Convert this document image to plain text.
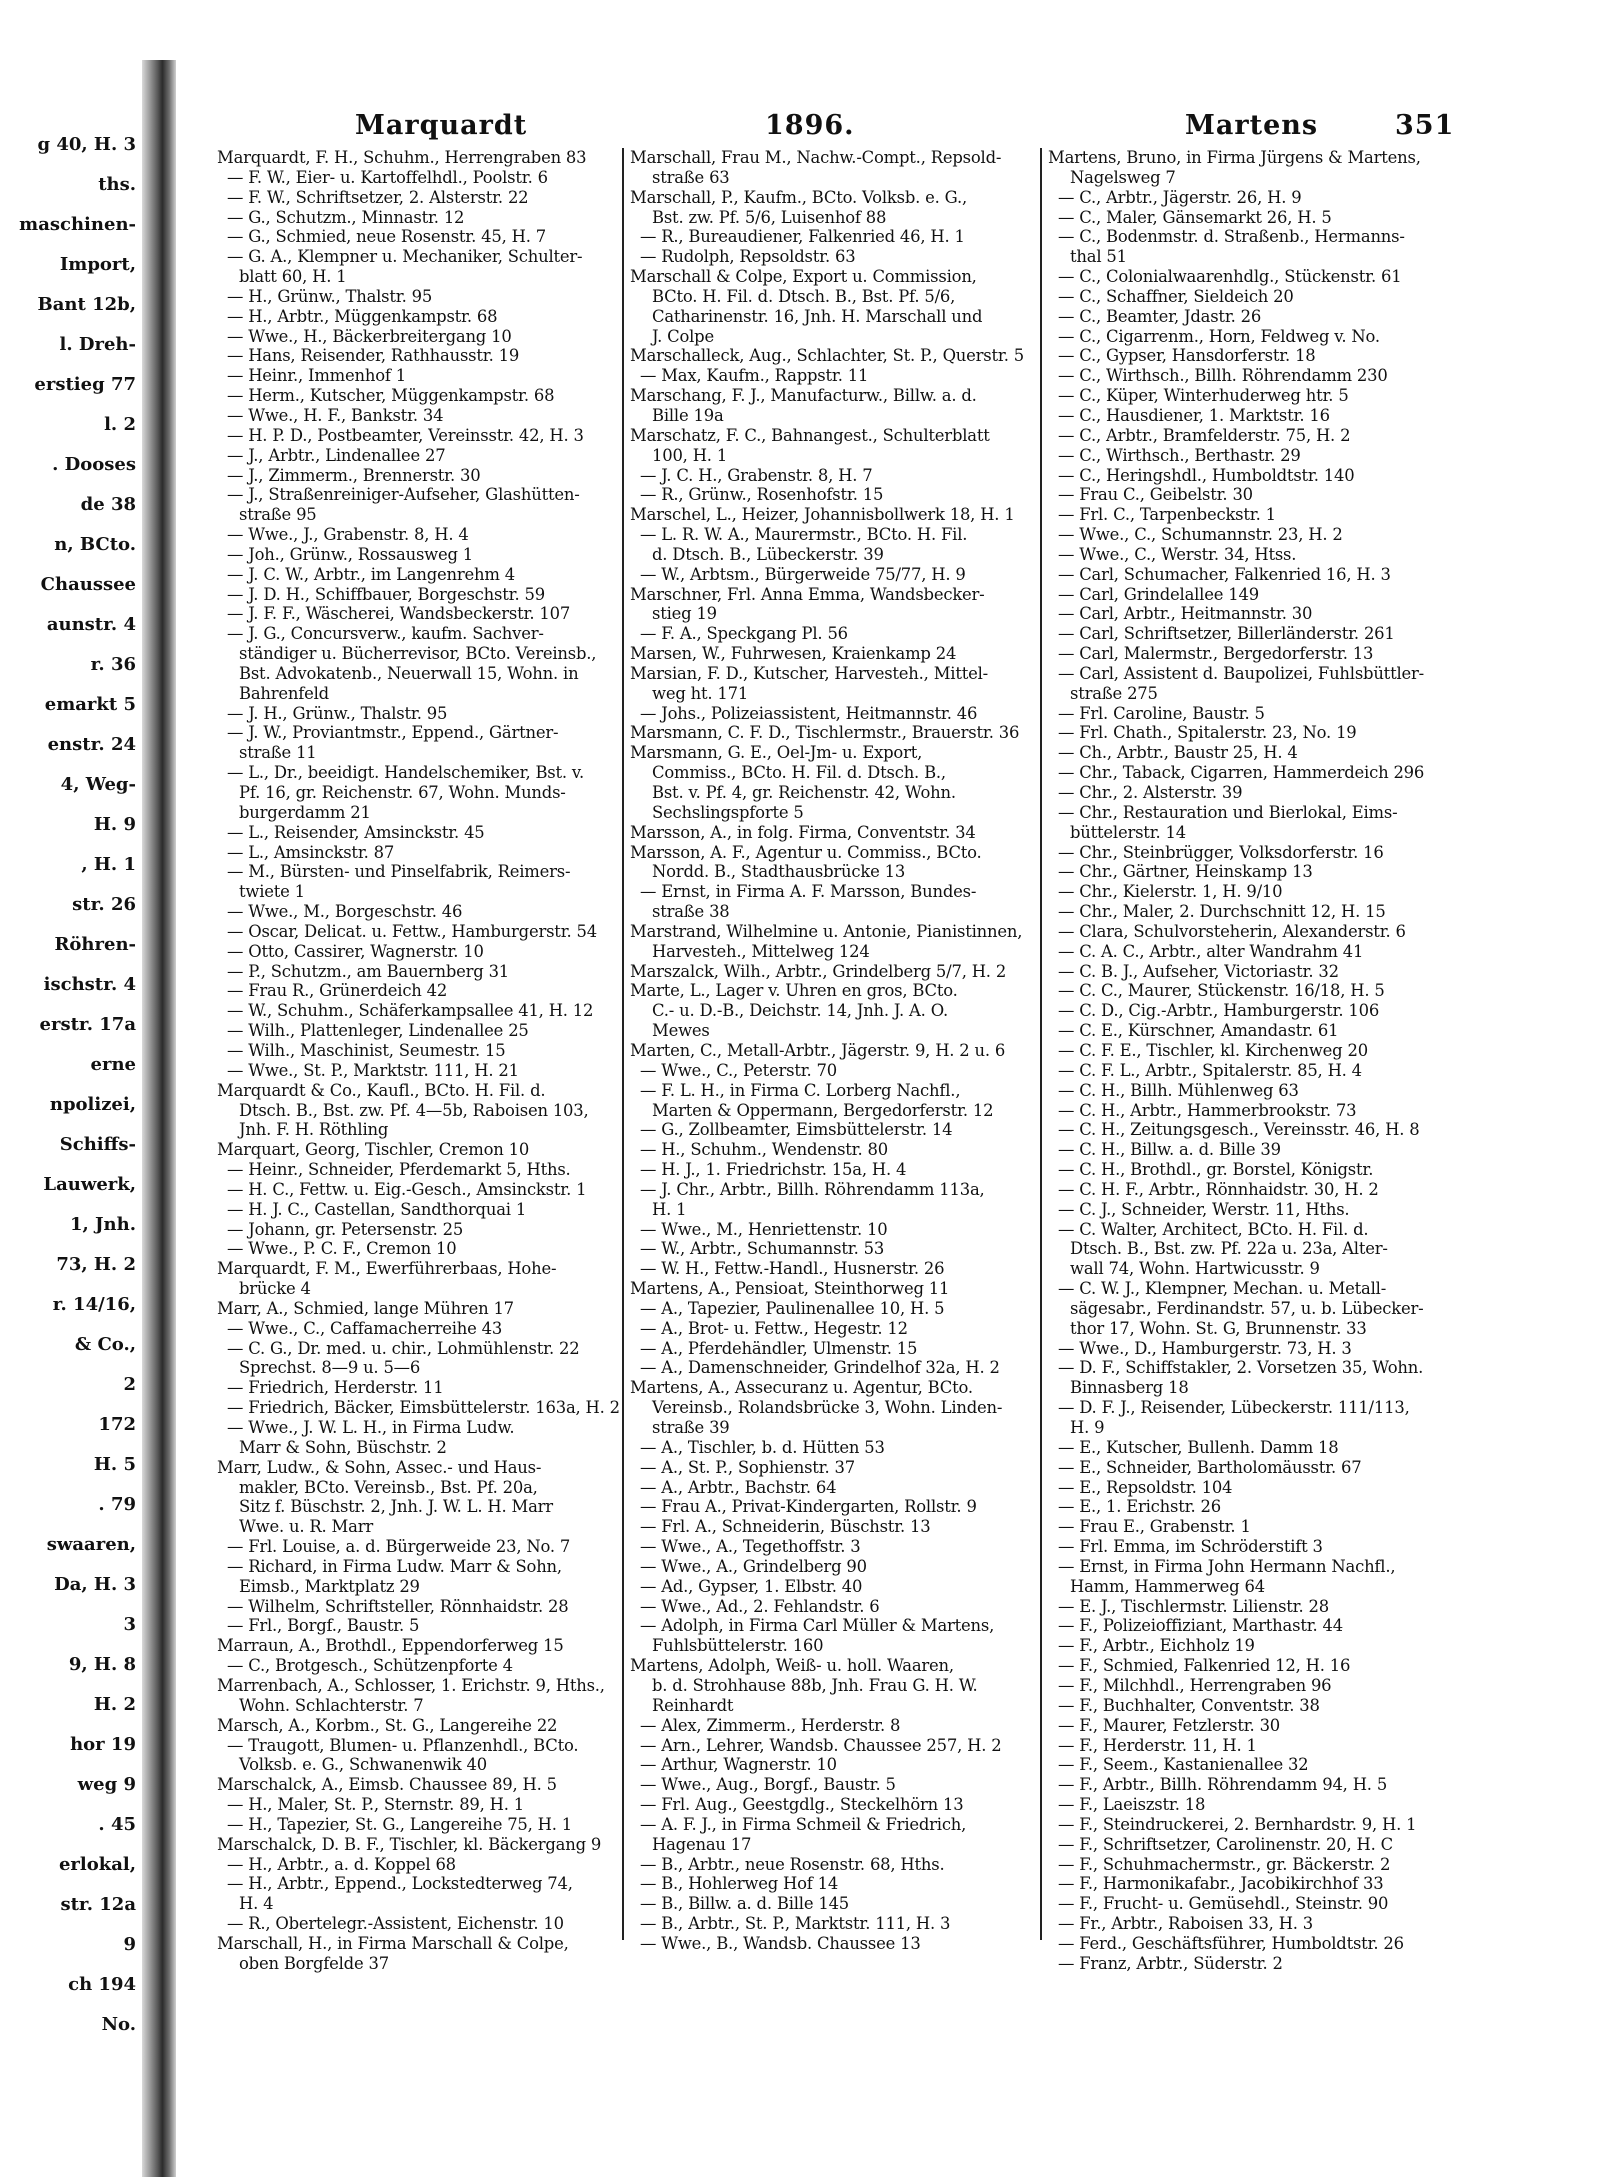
g 40, H. 3
ths.
maschinen-
Import,
Bant 12b,
l. Dreh-
erstieg 77
l. 2
. Dooses
de 38
n, BCto.
Chaussee
aunstr. 4
r. 36
emarkt 5
enstr. 24
4, Weg-
H. 9
, H. 1
str. 26
Röhren-
ischstr. 4
erstr. 17a
erne
npolizei,
Schiffs-
Lauwerk,
1, Jnh.
73, H. 2
r. 14/16,
& Co.,
2
172
H. 5
. 79
swaaren,
Da, H. 3
3
9, H. 8
H. 2
hor 19
weg 9
. 45
erlokal,
str. 12a
9
ch 194
No.
Marquardt	1896.	Martens	351
Marquardt, F. H., Schuhm., Herrengraben 83
— F. W., Eier- u. Kartoffelhdl., Poolstr. 6
— F. W., Schriftsetzer, 2. Alsterstr. 22
— G., Schutzm., Minnastr. 12
— G., Schmied, neue Rosenstr. 45, H. 7
— G. A., Klempner u. Mechaniker, Schulter-
blatt 60, H. 1
— H., Grünw., Thalstr. 95
— H., Arbtr., Müggenkampstr. 68
— Wwe., H., Bäckerbreitergang 10
— Hans, Reisender, Rathhausstr. 19
— Heinr., Immenhof 1
— Herm., Kutscher, Müggenkampstr. 68
— Wwe., H. F., Bankstr. 34
— H. P. D., Postbeamter, Vereinsstr. 42, H. 3
— J., Arbtr., Lindenallee 27
— J., Zimmerm., Brennerstr. 30
— J., Straßenreiniger-Aufseher, Glashütten-
straße 95
— Wwe., J., Grabenstr. 8, H. 4
— Joh., Grünw., Rossausweg 1
— J. C. W., Arbtr., im Langenrehm 4
— J. D. H., Schiffbauer, Borgeschstr. 59
— J. F. F., Wäscherei, Wandsbeckerstr. 107
— J. G., Concursverw., kaufm. Sachver-
ständiger u. Bücherrevisor, BCto. Vereinsb.,
Bst. Advokatenb., Neuerwall 15, Wohn. in
Bahrenfeld
— J. H., Grünw., Thalstr. 95
— J. W., Proviantmstr., Eppend., Gärtner-
straße 11
— L., Dr., beeidigt. Handelschemiker, Bst. v.
Pf. 16, gr. Reichenstr. 67, Wohn. Munds-
burgerdamm 21
— L., Reisender, Amsinckstr. 45
— L., Amsinckstr. 87
— M., Bürsten- und Pinselfabrik, Reimers-
twiete 1
— Wwe., M., Borgeschstr. 46
— Oscar, Delicat. u. Fettw., Hamburgerstr. 54
— Otto, Cassirer, Wagnerstr. 10
— P., Schutzm., am Bauernberg 31
— Frau R., Grünerdeich 42
— W., Schuhm., Schäferkampsallee 41, H. 12
— Wilh., Plattenleger, Lindenallee 25
— Wilh., Maschinist, Seumestr. 15
— Wwe., St. P., Marktstr. 111, H. 21
Marquardt & Co., Kaufl., BCto. H. Fil. d.
Dtsch. B., Bst. zw. Pf. 4—5b, Raboisen 103,
Jnh. F. H. Röthling
Marquart, Georg, Tischler, Cremon 10
— Heinr., Schneider, Pferdemarkt 5, Hths.
— H. C., Fettw. u. Eig.-Gesch., Amsinckstr. 1
— H. J. C., Castellan, Sandthorquai 1
— Johann, gr. Petersenstr. 25
— Wwe., P. C. F., Cremon 10
Marquardt, F. M., Ewerführerbaas, Hohe-
brücke 4
Marr, A., Schmied, lange Mühren 17
— Wwe., C., Caffamacherreihe 43
— C. G., Dr. med. u. chir., Lohmühlenstr. 22
Sprechst. 8—9 u. 5—6
— Friedrich, Herderstr. 11
— Friedrich, Bäcker, Eimsbüttelerstr. 163a, H. 2
— Wwe., J. W. L. H., in Firma Ludw.
Marr & Sohn, Büschstr. 2
Marr, Ludw., & Sohn, Assec.- und Haus-
makler, BCto. Vereinsb., Bst. Pf. 20a,
Sitz f. Büschstr. 2, Jnh. J. W. L. H. Marr
Wwe. u. R. Marr
— Frl. Louise, a. d. Bürgerweide 23, No. 7
— Richard, in Firma Ludw. Marr & Sohn,
Eimsb., Marktplatz 29
— Wilhelm, Schriftsteller, Rönnhaidstr. 28
— Frl., Borgf., Baustr. 5
Marraun, A., Brothdl., Eppendorferweg 15
— C., Brotgesch., Schützenpforte 4
Marrenbach, A., Schlosser, 1. Erichstr. 9, Hths.,
Wohn. Schlachterstr. 7
Marsch, A., Korbm., St. G., Langereihe 22
— Traugott, Blumen- u. Pflanzenhdl., BCto.
Volksb. e. G., Schwanenwik 40
Marschalck, A., Eimsb. Chaussee 89, H. 5
— H., Maler, St. P., Sternstr. 89, H. 1
— H., Tapezier, St. G., Langereihe 75, H. 1
Marschalck, D. B. F., Tischler, kl. Bäckergang 9
— H., Arbtr., a. d. Koppel 68
— H., Arbtr., Eppend., Lockstedterweg 74,
H. 4
— R., Obertelegr.-Assistent, Eichenstr. 10
Marschall, H., in Firma Marschall & Colpe,
oben Borgfelde 37
Marschall, Frau M., Nachw.-Compt., Repsold-
straße 63
Marschall, P., Kaufm., BCto. Volksb. e. G.,
Bst. zw. Pf. 5/6, Luisenhof 88
— R., Bureaudiener, Falkenried 46, H. 1
— Rudolph, Repsoldstr. 63
Marschall & Colpe, Export u. Commission,
BCto. H. Fil. d. Dtsch. B., Bst. Pf. 5/6,
Catharinenstr. 16, Jnh. H. Marschall und
J. Colpe
Marschalleck, Aug., Schlachter, St. P., Querstr. 5
— Max, Kaufm., Rappstr. 11
Marschang, F. J., Manufacturw., Billw. a. d.
Bille 19a
Marschatz, F. C., Bahnangest., Schulterblatt
100, H. 1
— J. C. H., Grabenstr. 8, H. 7
— R., Grünw., Rosenhofstr. 15
Marschel, L., Heizer, Johannisbollwerk 18, H. 1
— L. R. W. A., Maurermstr., BCto. H. Fil.
d. Dtsch. B., Lübeckerstr. 39
— W., Arbtsm., Bürgerweide 75/77, H. 9
Marschner, Frl. Anna Emma, Wandsbecker-
stieg 19
— F. A., Speckgang Pl. 56
Marsen, W., Fuhrwesen, Kraienkamp 24
Marsian, F. D., Kutscher, Harvesteh., Mittel-
weg ht. 171
— Johs., Polizeiassistent, Heitmannstr. 46
Marsmann, C. F. D., Tischlermstr., Brauerstr. 36
Marsmann, G. E., Oel-Jm- u. Export,
Commiss., BCto. H. Fil. d. Dtsch. B.,
Bst. v. Pf. 4, gr. Reichenstr. 42, Wohn.
Sechslingspforte 5
Marsson, A., in folg. Firma, Conventstr. 34
Marsson, A. F., Agentur u. Commiss., BCto.
Nordd. B., Stadthausbrücke 13
— Ernst, in Firma A. F. Marsson, Bundes-
straße 38
Marstrand, Wilhelmine u. Antonie, Pianistinnen,
Harvesteh., Mittelweg 124
Marszalck, Wilh., Arbtr., Grindelberg 5/7, H. 2
Marte, L., Lager v. Uhren en gros, BCto.
C.- u. D.-B., Deichstr. 14, Jnh. J. A. O.
Mewes
Marten, C., Metall-Arbtr., Jägerstr. 9, H. 2 u. 6
— Wwe., C., Peterstr. 70
— F. L. H., in Firma C. Lorberg Nachfl.,
Marten & Oppermann, Bergedorferstr. 12
— G., Zollbeamter, Eimsbüttelerstr. 14
— H., Schuhm., Wendenstr. 80
— H. J., 1. Friedrichstr. 15a, H. 4
— J. Chr., Arbtr., Billh. Röhrendamm 113a,
H. 1
— Wwe., M., Henriettenstr. 10
— W., Arbtr., Schumannstr. 53
— W. H., Fettw.-Handl., Husnerstr. 26
Martens, A., Pensioat, Steinthorweg 11
— A., Tapezier, Paulinenallee 10, H. 5
— A., Brot- u. Fettw., Hegestr. 12
— A., Pferdehändler, Ulmenstr. 15
— A., Damenschneider, Grindelhof 32a, H. 2
Martens, A., Assecuranz u. Agentur, BCto.
Vereinsb., Rolandsbrücke 3, Wohn. Linden-
straße 39
— A., Tischler, b. d. Hütten 53
— A., St. P., Sophienstr. 37
— A., Arbtr., Bachstr. 64
— Frau A., Privat-Kindergarten, Rollstr. 9
— Frl. A., Schneiderin, Büschstr. 13
— Wwe., A., Tegethoffstr. 3
— Wwe., A., Grindelberg 90
— Ad., Gypser, 1. Elbstr. 40
— Wwe., Ad., 2. Fehlandstr. 6
— Adolph, in Firma Carl Müller & Martens,
Fuhlsbüttelerstr. 160
Martens, Adolph, Weiß- u. holl. Waaren,
b. d. Strohhause 88b, Jnh. Frau G. H. W.
Reinhardt
— Alex, Zimmerm., Herderstr. 8
— Arn., Lehrer, Wandsb. Chaussee 257, H. 2
— Arthur, Wagnerstr. 10
— Wwe., Aug., Borgf., Baustr. 5
— Frl. Aug., Geestgdlg., Steckelhörn 13
— A. F. J., in Firma Schmeil & Friedrich,
Hagenau 17
— B., Arbtr., neue Rosenstr. 68, Hths.
— B., Hohlerweg Hof 14
— B., Billw. a. d. Bille 145
— B., Arbtr., St. P., Marktstr. 111, H. 3
— Wwe., B., Wandsb. Chaussee 13
Martens, Bruno, in Firma Jürgens & Martens,
Nagelsweg 7
— C., Arbtr., Jägerstr. 26, H. 9
— C., Maler, Gänsemarkt 26, H. 5
— C., Bodenmstr. d. Straßenb., Hermanns-
thal 51
— C., Colonialwaarenhdlg., Stückenstr. 61
— C., Schaffner, Sieldeich 20
— C., Beamter, Jdastr. 26
— C., Cigarrenm., Horn, Feldweg v. No.
— C., Gypser, Hansdorferstr. 18
— C., Wirthsch., Billh. Röhrendamm 230
— C., Küper, Winterhuderweg htr. 5
— C., Hausdiener, 1. Marktstr. 16
— C., Arbtr., Bramfelderstr. 75, H. 2
— C., Wirthsch., Berthastr. 29
— C., Heringshdl., Humboldtstr. 140
— Frau C., Geibelstr. 30
— Frl. C., Tarpenbeckstr. 1
— Wwe., C., Schumannstr. 23, H. 2
— Wwe., C., Werstr. 34, Htss.
— Carl, Schumacher, Falkenried 16, H. 3
— Carl, Grindelallee 149
— Carl, Arbtr., Heitmannstr. 30
— Carl, Schriftsetzer, Billerländerstr. 261
— Carl, Malermstr., Bergedorferstr. 13
— Carl, Assistent d. Baupolizei, Fuhlsbüttler-
straße 275
— Frl. Caroline, Baustr. 5
— Frl. Chath., Spitalerstr. 23, No. 19
— Ch., Arbtr., Baustr 25, H. 4
— Chr., Taback, Cigarren, Hammerdeich 296
— Chr., 2. Alsterstr. 39
— Chr., Restauration und Bierlokal, Eims-
büttelerstr. 14
— Chr., Steinbrügger, Volksdorferstr. 16
— Chr., Gärtner, Heinskamp 13
— Chr., Kielerstr. 1, H. 9/10
— Chr., Maler, 2. Durchschnitt 12, H. 15
— Clara, Schulvorsteherin, Alexanderstr. 6
— C. A. C., Arbtr., alter Wandrahm 41
— C. B. J., Aufseher, Victoriastr. 32
— C. C., Maurer, Stückenstr. 16/18, H. 5
— C. D., Cig.-Arbtr., Hamburgerstr. 106
— C. E., Kürschner, Amandastr. 61
— C. F. E., Tischler, kl. Kirchenweg 20
— C. F. L., Arbtr., Spitalerstr. 85, H. 4
— C. H., Billh. Mühlenweg 63
— C. H., Arbtr., Hammerbrookstr. 73
— C. H., Zeitungsgesch., Vereinsstr. 46, H. 8
— C. H., Billw. a. d. Bille 39
— C. H., Brothdl., gr. Borstel, Königstr.
— C. H. F., Arbtr., Rönnhaidstr. 30, H. 2
— C. J., Schneider, Werstr. 11, Hths.
— C. Walter, Architect, BCto. H. Fil. d.
Dtsch. B., Bst. zw. Pf. 22a u. 23a, Alter-
wall 74, Wohn. Hartwicusstr. 9
— C. W. J., Klempner, Mechan. u. Metall-
sägesabr., Ferdinandstr. 57, u. b. Lübecker-
thor 17, Wohn. St. G, Brunnenstr. 33
— Wwe., D., Hamburgerstr. 73, H. 3
— D. F., Schiffstakler, 2. Vorsetzen 35, Wohn.
Binnasberg 18
— D. F. J., Reisender, Lübeckerstr. 111/113,
H. 9
— E., Kutscher, Bullenh. Damm 18
— E., Schneider, Bartholomäusstr. 67
— E., Repsoldstr. 104
— E., 1. Erichstr. 26
— Frau E., Grabenstr. 1
— Frl. Emma, im Schröderstift 3
— Ernst, in Firma John Hermann Nachfl.,
Hamm, Hammerweg 64
— E. J., Tischlermstr. Lilienstr. 28
— F., Polizeioffiziant, Marthastr. 44
— F., Arbtr., Eichholz 19
— F., Schmied, Falkenried 12, H. 16
— F., Milchhdl., Herrengraben 96
— F., Buchhalter, Conventstr. 38
— F., Maurer, Fetzlerstr. 30
— F., Herderstr. 11, H. 1
— F., Seem., Kastanienallee 32
— F., Arbtr., Billh. Röhrendamm 94, H. 5
— F., Laeiszstr. 18
— F., Steindruckerei, 2. Bernhardstr. 9, H. 1
— F., Schriftsetzer, Carolinenstr. 20, H. C
— F., Schuhmachermstr., gr. Bäckerstr. 2
— F., Harmonikafabr., Jacobikirchhof 33
— F., Frucht- u. Gemüsehdl., Steinstr. 90
— Fr., Arbtr., Raboisen 33, H. 3
— Ferd., Geschäftsführer, Humboldtstr. 26
— Franz, Arbtr., Süderstr. 2
